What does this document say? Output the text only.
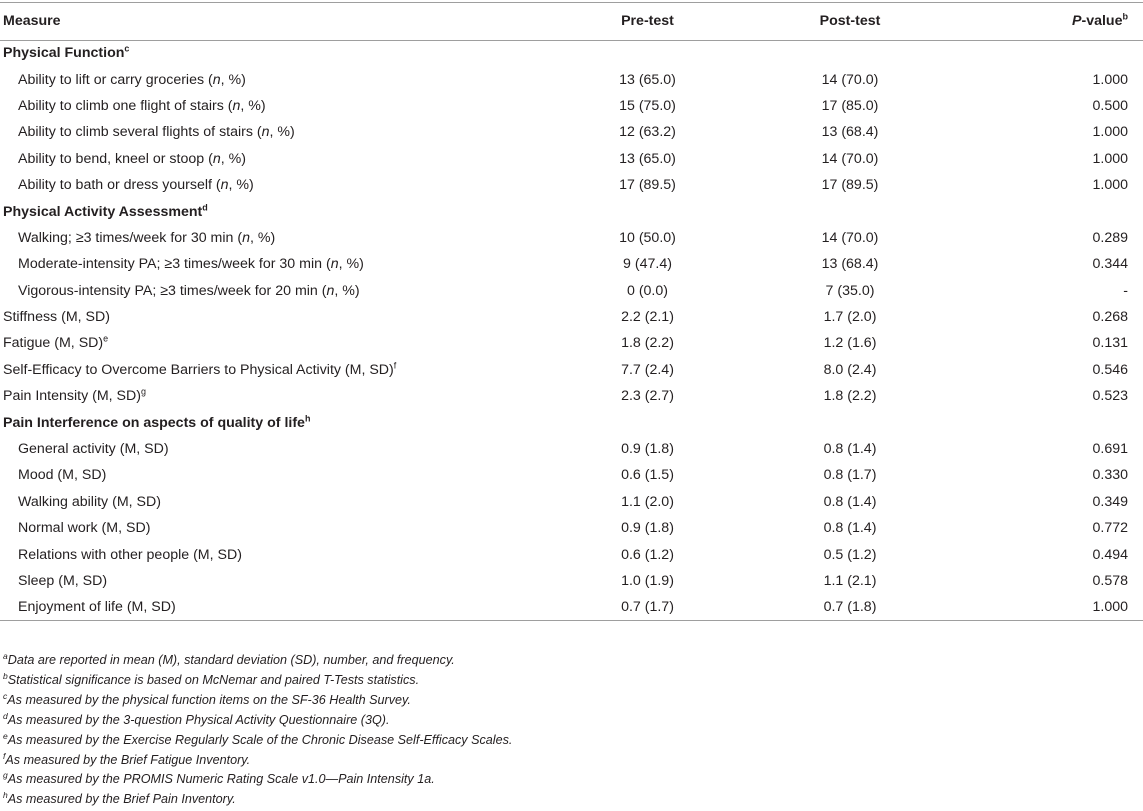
Measure	Pre-test	Post-test	P-value$^b$
Physical Function$^c$			
Ability to lift or carry groceries (n, %)	13 (65.0)	14 (70.0)	1.000
Ability to climb one flight of stairs (n, %)	15 (75.0)	17 (85.0)	0.500
Ability to climb several flights of stairs (n, %)	12 (63.2)	13 (68.4)	1.000
Ability to bend, kneel or stoop (n, %)	13 (65.0)	14 (70.0)	1.000
Ability to bath or dress yourself (n, %)	17 (89.5)	17 (89.5)	1.000
Physical Activity Assessment$^d$			
Walking; ≥3 times/week for 30 min (n, %)	10 (50.0)	14 (70.0)	0.289
Moderate-intensity PA; ≥3 times/week for 30 min (n, %)	9 (47.4)	13 (68.4)	0.344
Vigorous-intensity PA; ≥3 times/week for 20 min (n, %)	0 (0.0)	7 (35.0)	-
Stiffness (M, SD)	2.2 (2.1)	1.7 (2.0)	0.268
Fatigue (M, SD)$^e$	1.8 (2.2)	1.2 (1.6)	0.131
Self-Efficacy to Overcome Barriers to Physical Activity (M, SD)$^f$	7.7 (2.4)	8.0 (2.4)	0.546
Pain Intensity (M, SD)$^g$	2.3 (2.7)	1.8 (2.2)	0.523
Pain Interference on aspects of quality of life$^h$			
General activity (M, SD)	0.9 (1.8)	0.8 (1.4)	0.691
Mood (M, SD)	0.6 (1.5)	0.8 (1.7)	0.330
Walking ability (M, SD)	1.1 (2.0)	0.8 (1.4)	0.349
Normal work (M, SD)	0.9 (1.8)	0.8 (1.4)	0.772
Relations with other people (M, SD)	0.6 (1.2)	0.5 (1.2)	0.494
Sleep (M, SD)	1.0 (1.9)	1.1 (2.1)	0.578
Enjoyment of life (M, SD)	0.7 (1.7)	0.7 (1.8)	1.000
$^a$Data are reported in mean (M), standard deviation (SD), number, and frequency.
$^b$Statistical significance is based on McNemar and paired T-Tests statistics.
$^c$As measured by the physical function items on the SF-36 Health Survey.
$^d$As measured by the 3-question Physical Activity Questionnaire (3Q).
$^e$As measured by the Exercise Regularly Scale of the Chronic Disease Self-Efficacy Scales.
$^f$As measured by the Brief Fatigue Inventory.
$^g$As measured by the PROMIS Numeric Rating Scale v1.0—Pain Intensity 1a.
$^h$As measured by the Brief Pain Inventory.
